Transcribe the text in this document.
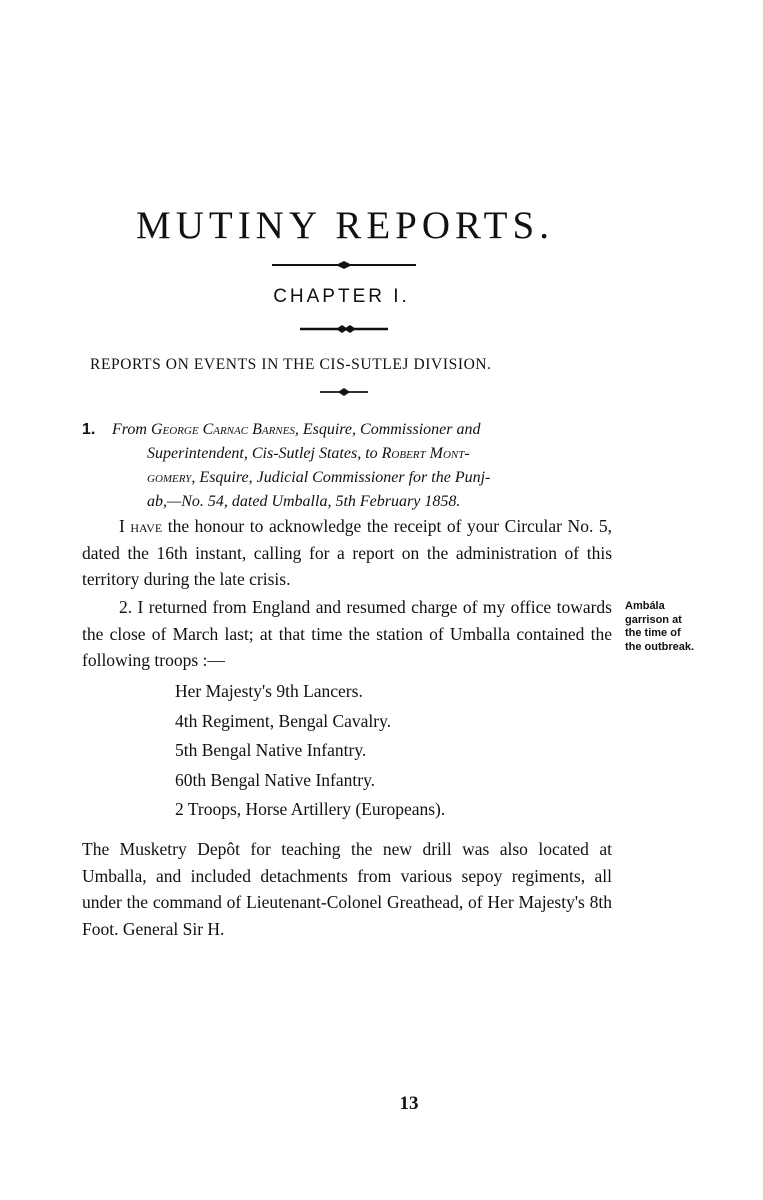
MUTINY REPORTS.
CHAPTER I.
REPORTS ON EVENTS IN THE CIS-SUTLEJ DIVISION.
1. From George Carnac Barnes, Esquire, Commissioner and
Superintendent, Cis-Sutlej States, to Robert Mont-
gomery, Esquire, Judicial Commissioner for the Punj-
ab,—No. 54, dated Umballa, 5th February 1858.
I have the honour to acknowledge the receipt of your Circular No. 5, dated the 16th instant, calling for a report on the administration of this territory during the late crisis.
2. I returned from England and resumed charge of my office towards the close of March last; at that time the station of Umballa contained the following troops :—
Her Majesty's 9th Lancers.
4th Regiment, Bengal Cavalry.
5th Bengal Native Infantry.
60th Bengal Native Infantry.
2 Troops, Horse Artillery (Europeans).
The Musketry Depôt for teaching the new drill was also located at Umballa, and included detachments from various sepoy regiments, all under the command of Lieutenant-Colonel Greathead, of Her Majesty's 8th Foot. General Sir H.
Ambála
garrison at
the time of
the outbreak.
13
